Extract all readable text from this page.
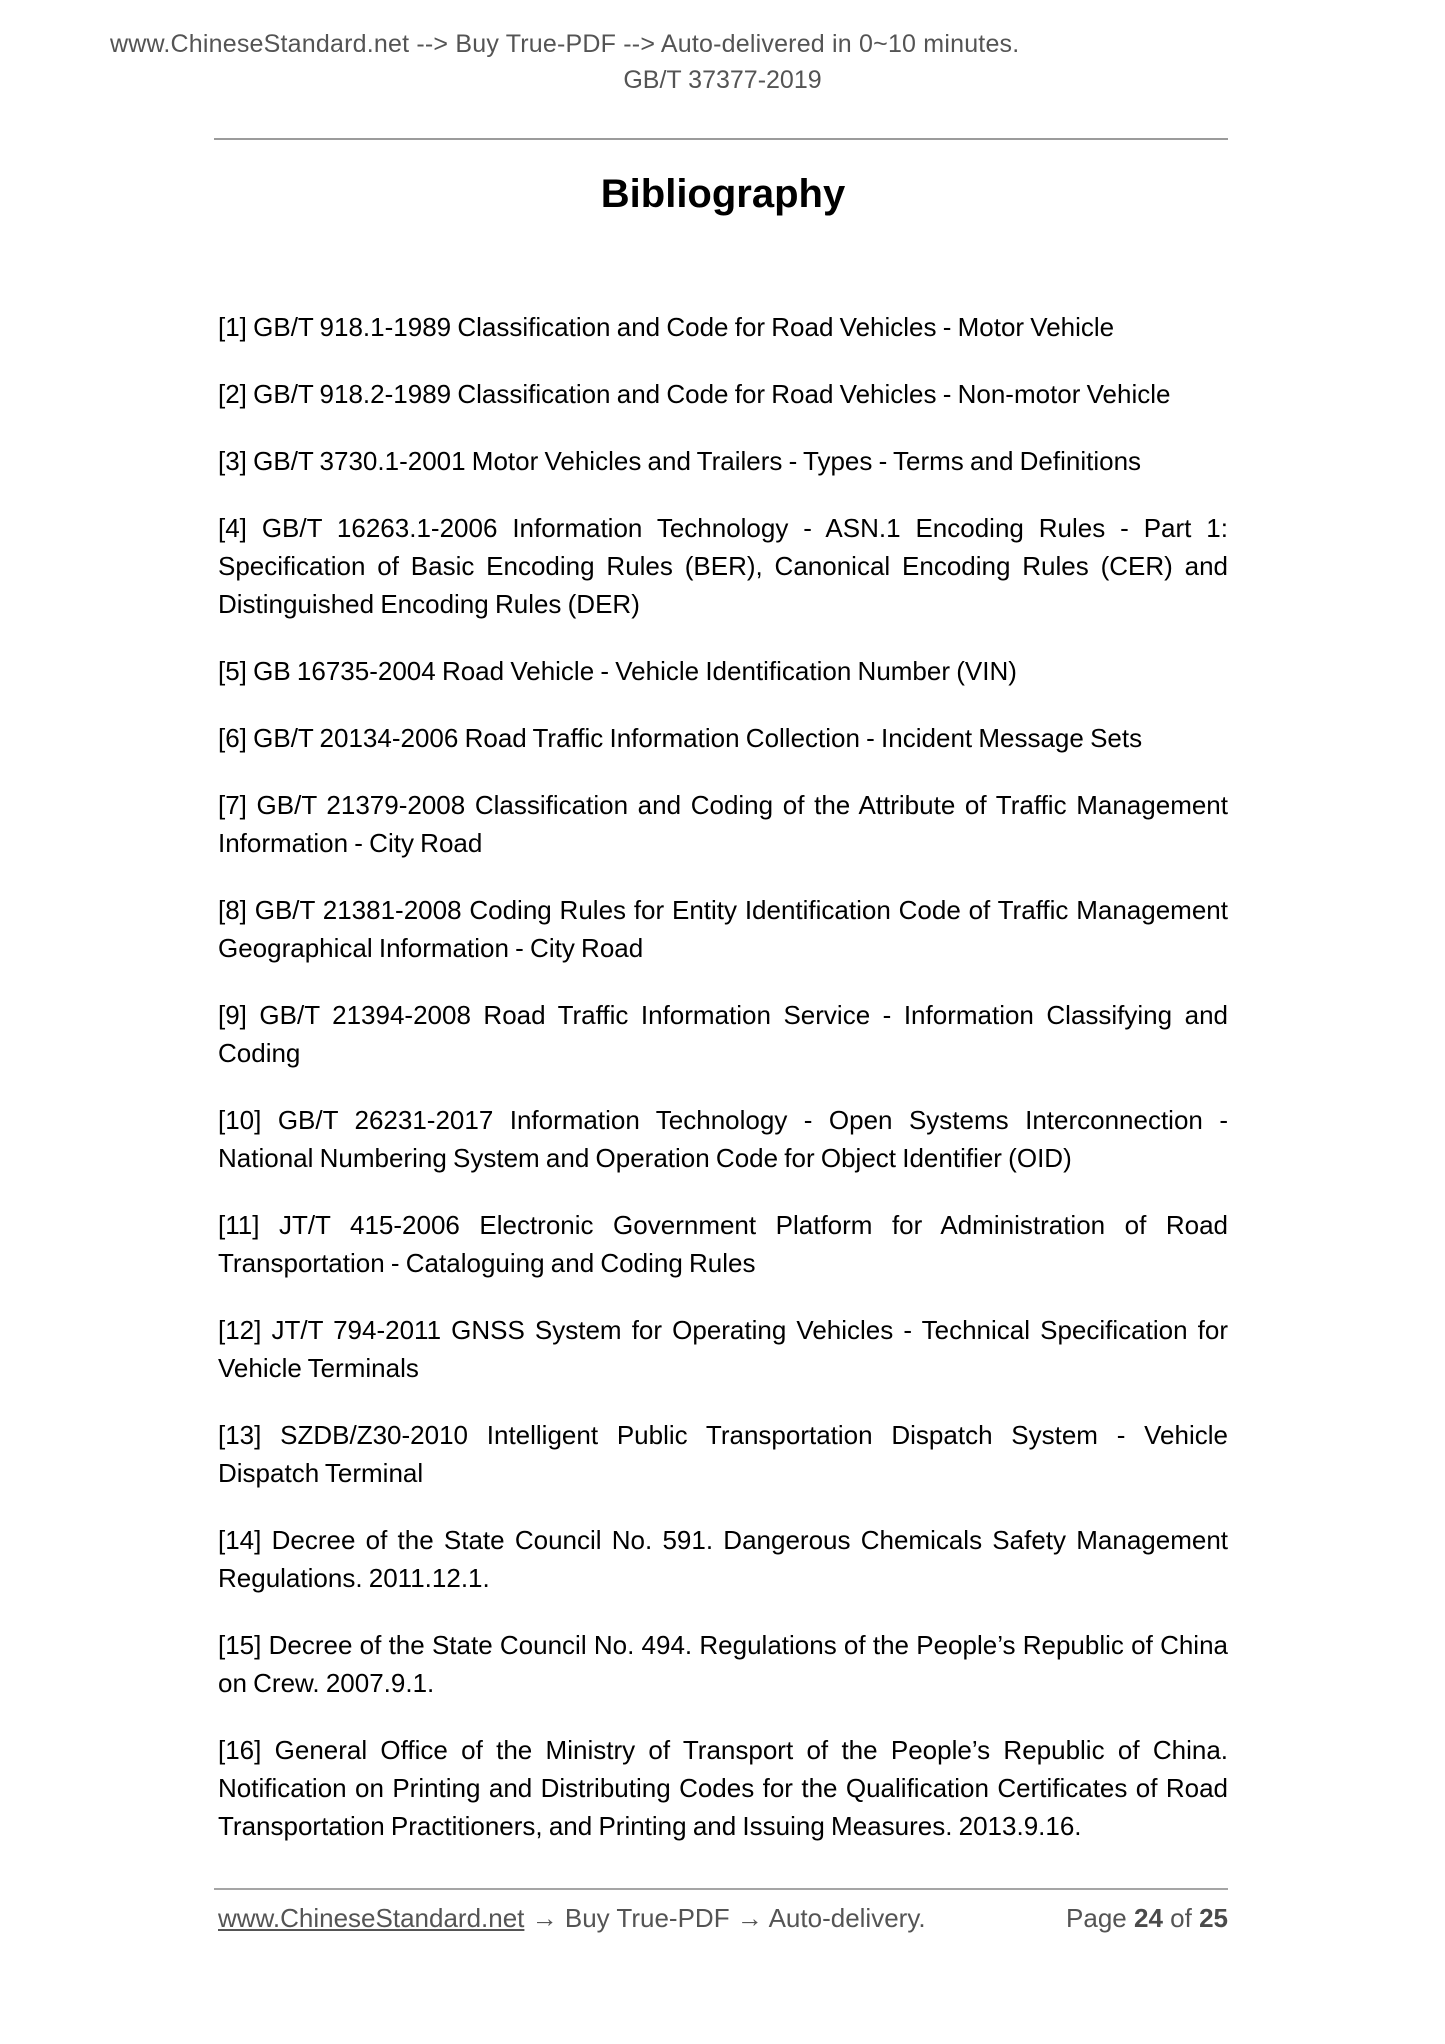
www.ChineseStandard.net --> Buy True-PDF --> Auto-delivered in 0~10 minutes.
GB/T 37377-2019
Bibliography

[1] GB/T 918.1-1989 Classification and Code for Road Vehicles - Motor Vehicle

[2] GB/T 918.2-1989 Classification and Code for Road Vehicles - Non-motor Vehicle

[3] GB/T 3730.1-2001 Motor Vehicles and Trailers - Types - Terms and Definitions

[4] GB/T 16263.1-2006 Information Technology - ASN.1 Encoding Rules - Part 1: Specification of Basic Encoding Rules (BER), Canonical Encoding Rules (CER) and Distinguished Encoding Rules (DER)

[5] GB 16735-2004 Road Vehicle - Vehicle Identification Number (VIN)

[6] GB/T 20134-2006 Road Traffic Information Collection - Incident Message Sets

[7] GB/T 21379-2008 Classification and Coding of the Attribute of Traffic Management Information - City Road

[8] GB/T 21381-2008 Coding Rules for Entity Identification Code of Traffic Management Geographical Information - City Road

[9] GB/T 21394-2008 Road Traffic Information Service - Information Classifying and Coding

[10] GB/T 26231-2017 Information Technology - Open Systems Interconnection - National Numbering System and Operation Code for Object Identifier (OID)

[11] JT/T 415-2006 Electronic Government Platform for Administration of Road Transportation - Cataloguing and Coding Rules

[12] JT/T 794-2011 GNSS System for Operating Vehicles - Technical Specification for Vehicle Terminals

[13] SZDB/Z30-2010 Intelligent Public Transportation Dispatch System - Vehicle Dispatch Terminal

[14] Decree of the State Council No. 591. Dangerous Chemicals Safety Management Regulations. 2011.12.1.

[15] Decree of the State Council No. 494. Regulations of the People’s Republic of China on Crew. 2007.9.1.

[16] General Office of the Ministry of Transport of the People’s Republic of China. Notification on Printing and Distributing Codes for the Qualification Certificates of Road Transportation Practitioners, and Printing and Issuing Measures. 2013.9.16.

www.ChineseStandard.net → Buy True-PDF → Auto-delivery.	Page 24 of 25
